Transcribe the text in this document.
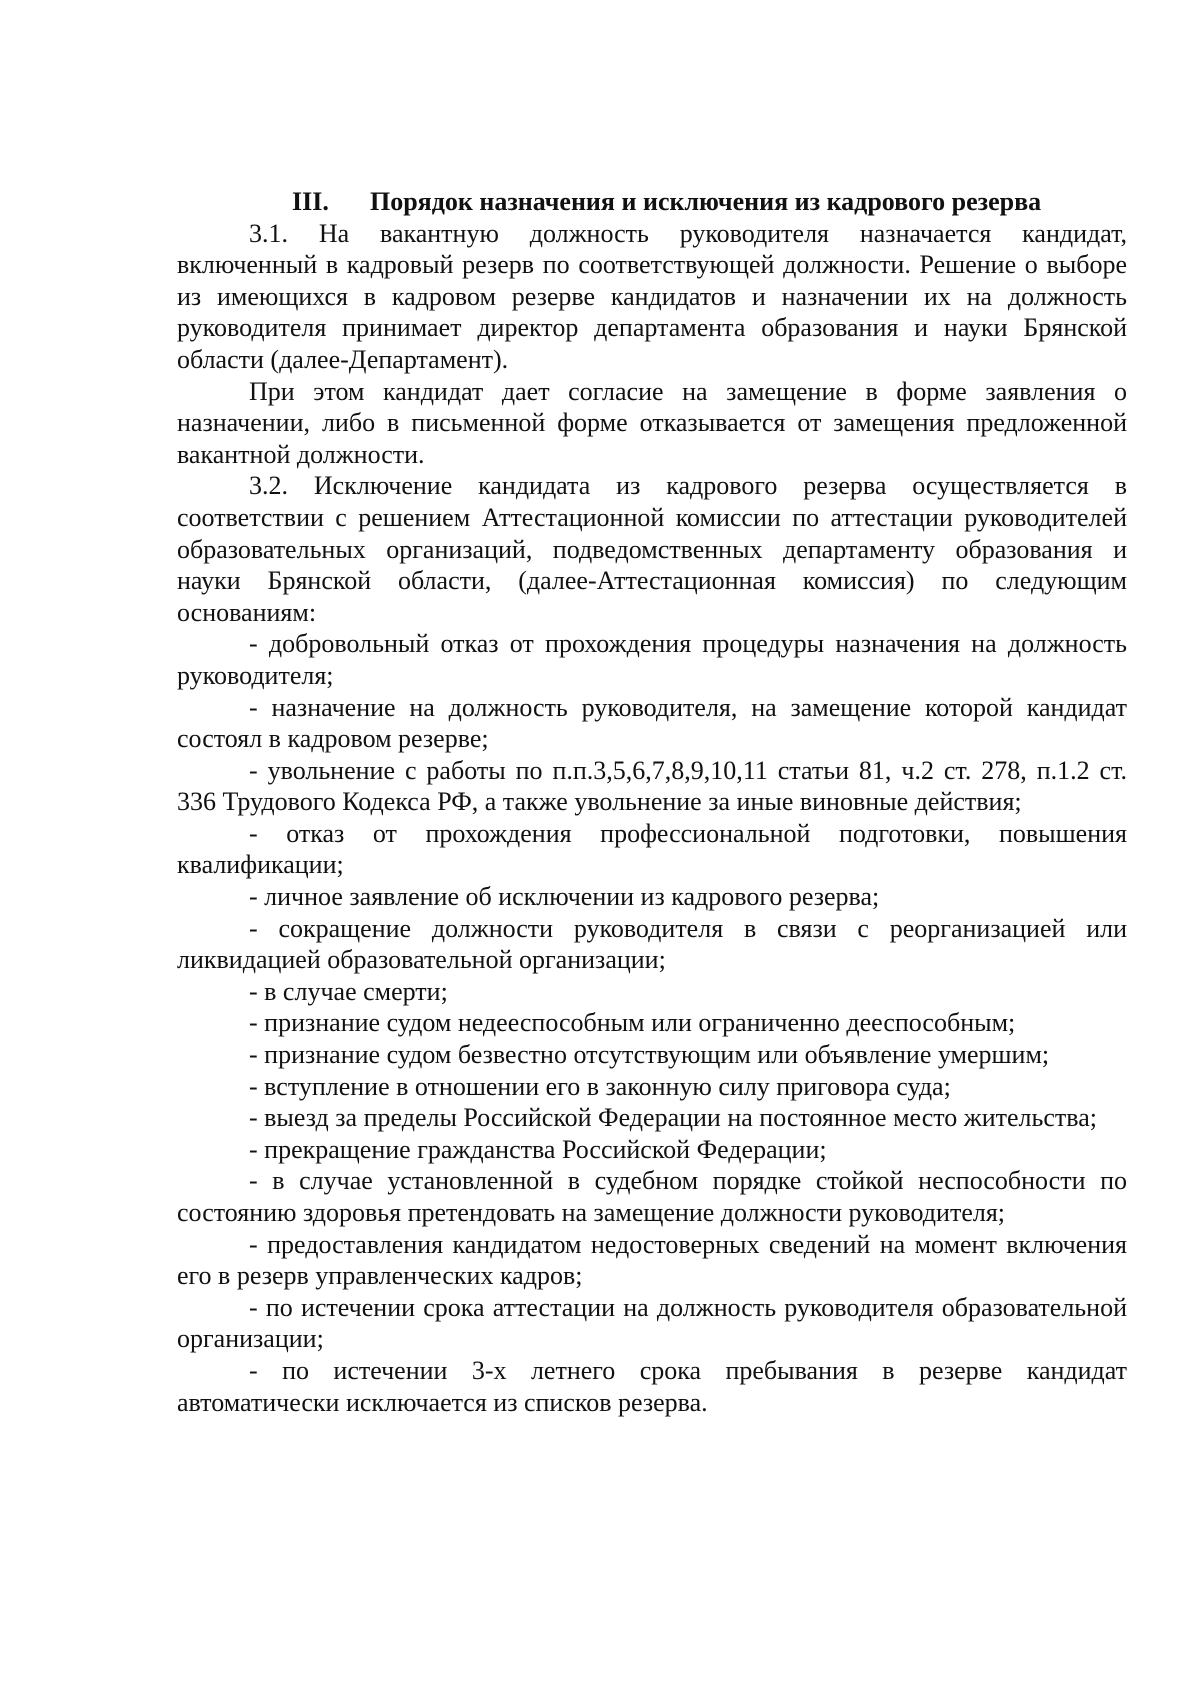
III. Порядок назначения и исключения из кадрового резерва

3.1. На вакантную должность руководителя назначается кандидат, включенный в кадровый резерв по соответствующей должности. Решение о выборе из имеющихся в кадровом резерве кандидатов и назначении их на должность руководителя принимает директор департамента образования и науки Брянской области (далее-Департамент).

При этом кандидат дает согласие на замещение в форме заявления о назначении, либо в письменной форме отказывается от замещения предложенной вакантной должности.

3.2. Исключение кандидата из кадрового резерва осуществляется в соответствии с решением Аттестационной комиссии по аттестации руководителей образовательных организаций, подведомственных департаменту образования и науки Брянской области, (далее-Аттестационная комиссия) по следующим основаниям:

- добровольный отказ от прохождения процедуры назначения на должность руководителя;

- назначение на должность руководителя, на замещение которой кандидат состоял в кадровом резерве;

- увольнение с работы по п.п.3,5,6,7,8,9,10,11 статьи 81, ч.2 ст. 278, п.1.2 ст. 336 Трудового Кодекса РФ, а также увольнение за иные виновные действия;

- отказ от прохождения профессиональной подготовки, повышения квалификации;

- личное заявление об исключении из кадрового резерва;

- сокращение должности руководителя в связи с реорганизацией или ликвидацией образовательной организации;

- в случае смерти;

- признание судом недееспособным или ограниченно дееспособным;

- признание судом безвестно отсутствующим или объявление умершим;

- вступление в отношении его в законную силу приговора суда;

- выезд за пределы Российской Федерации на постоянное место жительства;

- прекращение гражданства Российской Федерации;

- в случае установленной в судебном порядке стойкой неспособности по состоянию здоровья претендовать на замещение должности руководителя;

- предоставления кандидатом недостоверных сведений на момент включения его в резерв управленческих кадров;

- по истечении срока аттестации на должность руководителя образовательной организации;

- по истечении 3-х летнего срока пребывания в резерве кандидат автоматически исключается из списков резерва.
